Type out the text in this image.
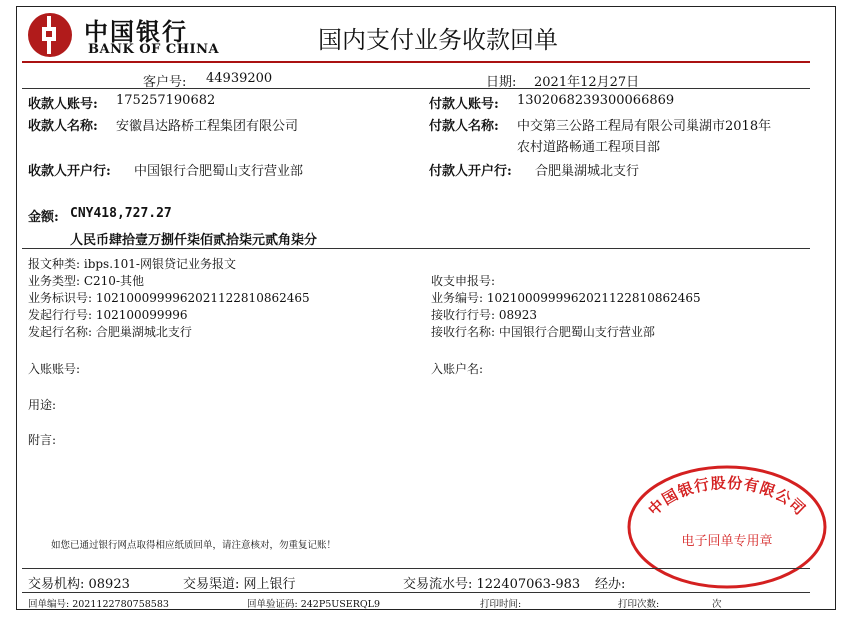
中国银行
BANK OF CHINA	国内支付业务收款回单
客户号: 44939200	日期: 2021年12月27日
收款人账号: 175257190682
收款人名称: 安徽昌达路桥工程集团有限公司
收款人开户行: 中国银行合肥蜀山支行营业部
付款人账号: 1302068239300066869
付款人名称: 中交第三公路工程局有限公司巢湖市2018年
农村道路畅通工程项目部
付款人开户行: 合肥巢湖城北支行
金额: CNY418,727.27
人民币肆拾壹万捌仟柒佰贰拾柒元贰角柒分
报文种类: ibps.101-网银贷记业务报文
业务类型: C210-其他
业务标识号: 1021000999962021122810862465
发起行行号: 102100099996
发起行名称: 合肥巢湖城北支行
收支申报号:
业务编号: 1021000999962021122810862465
接收行行号: 08923
接收行名称: 中国银行合肥蜀山支行营业部
入账账号:	入账户名:
用途:
附言:
如您已通过银行网点取得相应纸质回单，请注意核对，勿重复记账！
中国银行股份有限公司
电子回单专用章
交易机构: 08923	交易渠道: 网上银行	交易流水号: 122407063-983 经办:
回单编号: 2021122780758583	回单验证码: 242P5USERQL9	打印时间:	打印次数:	次
